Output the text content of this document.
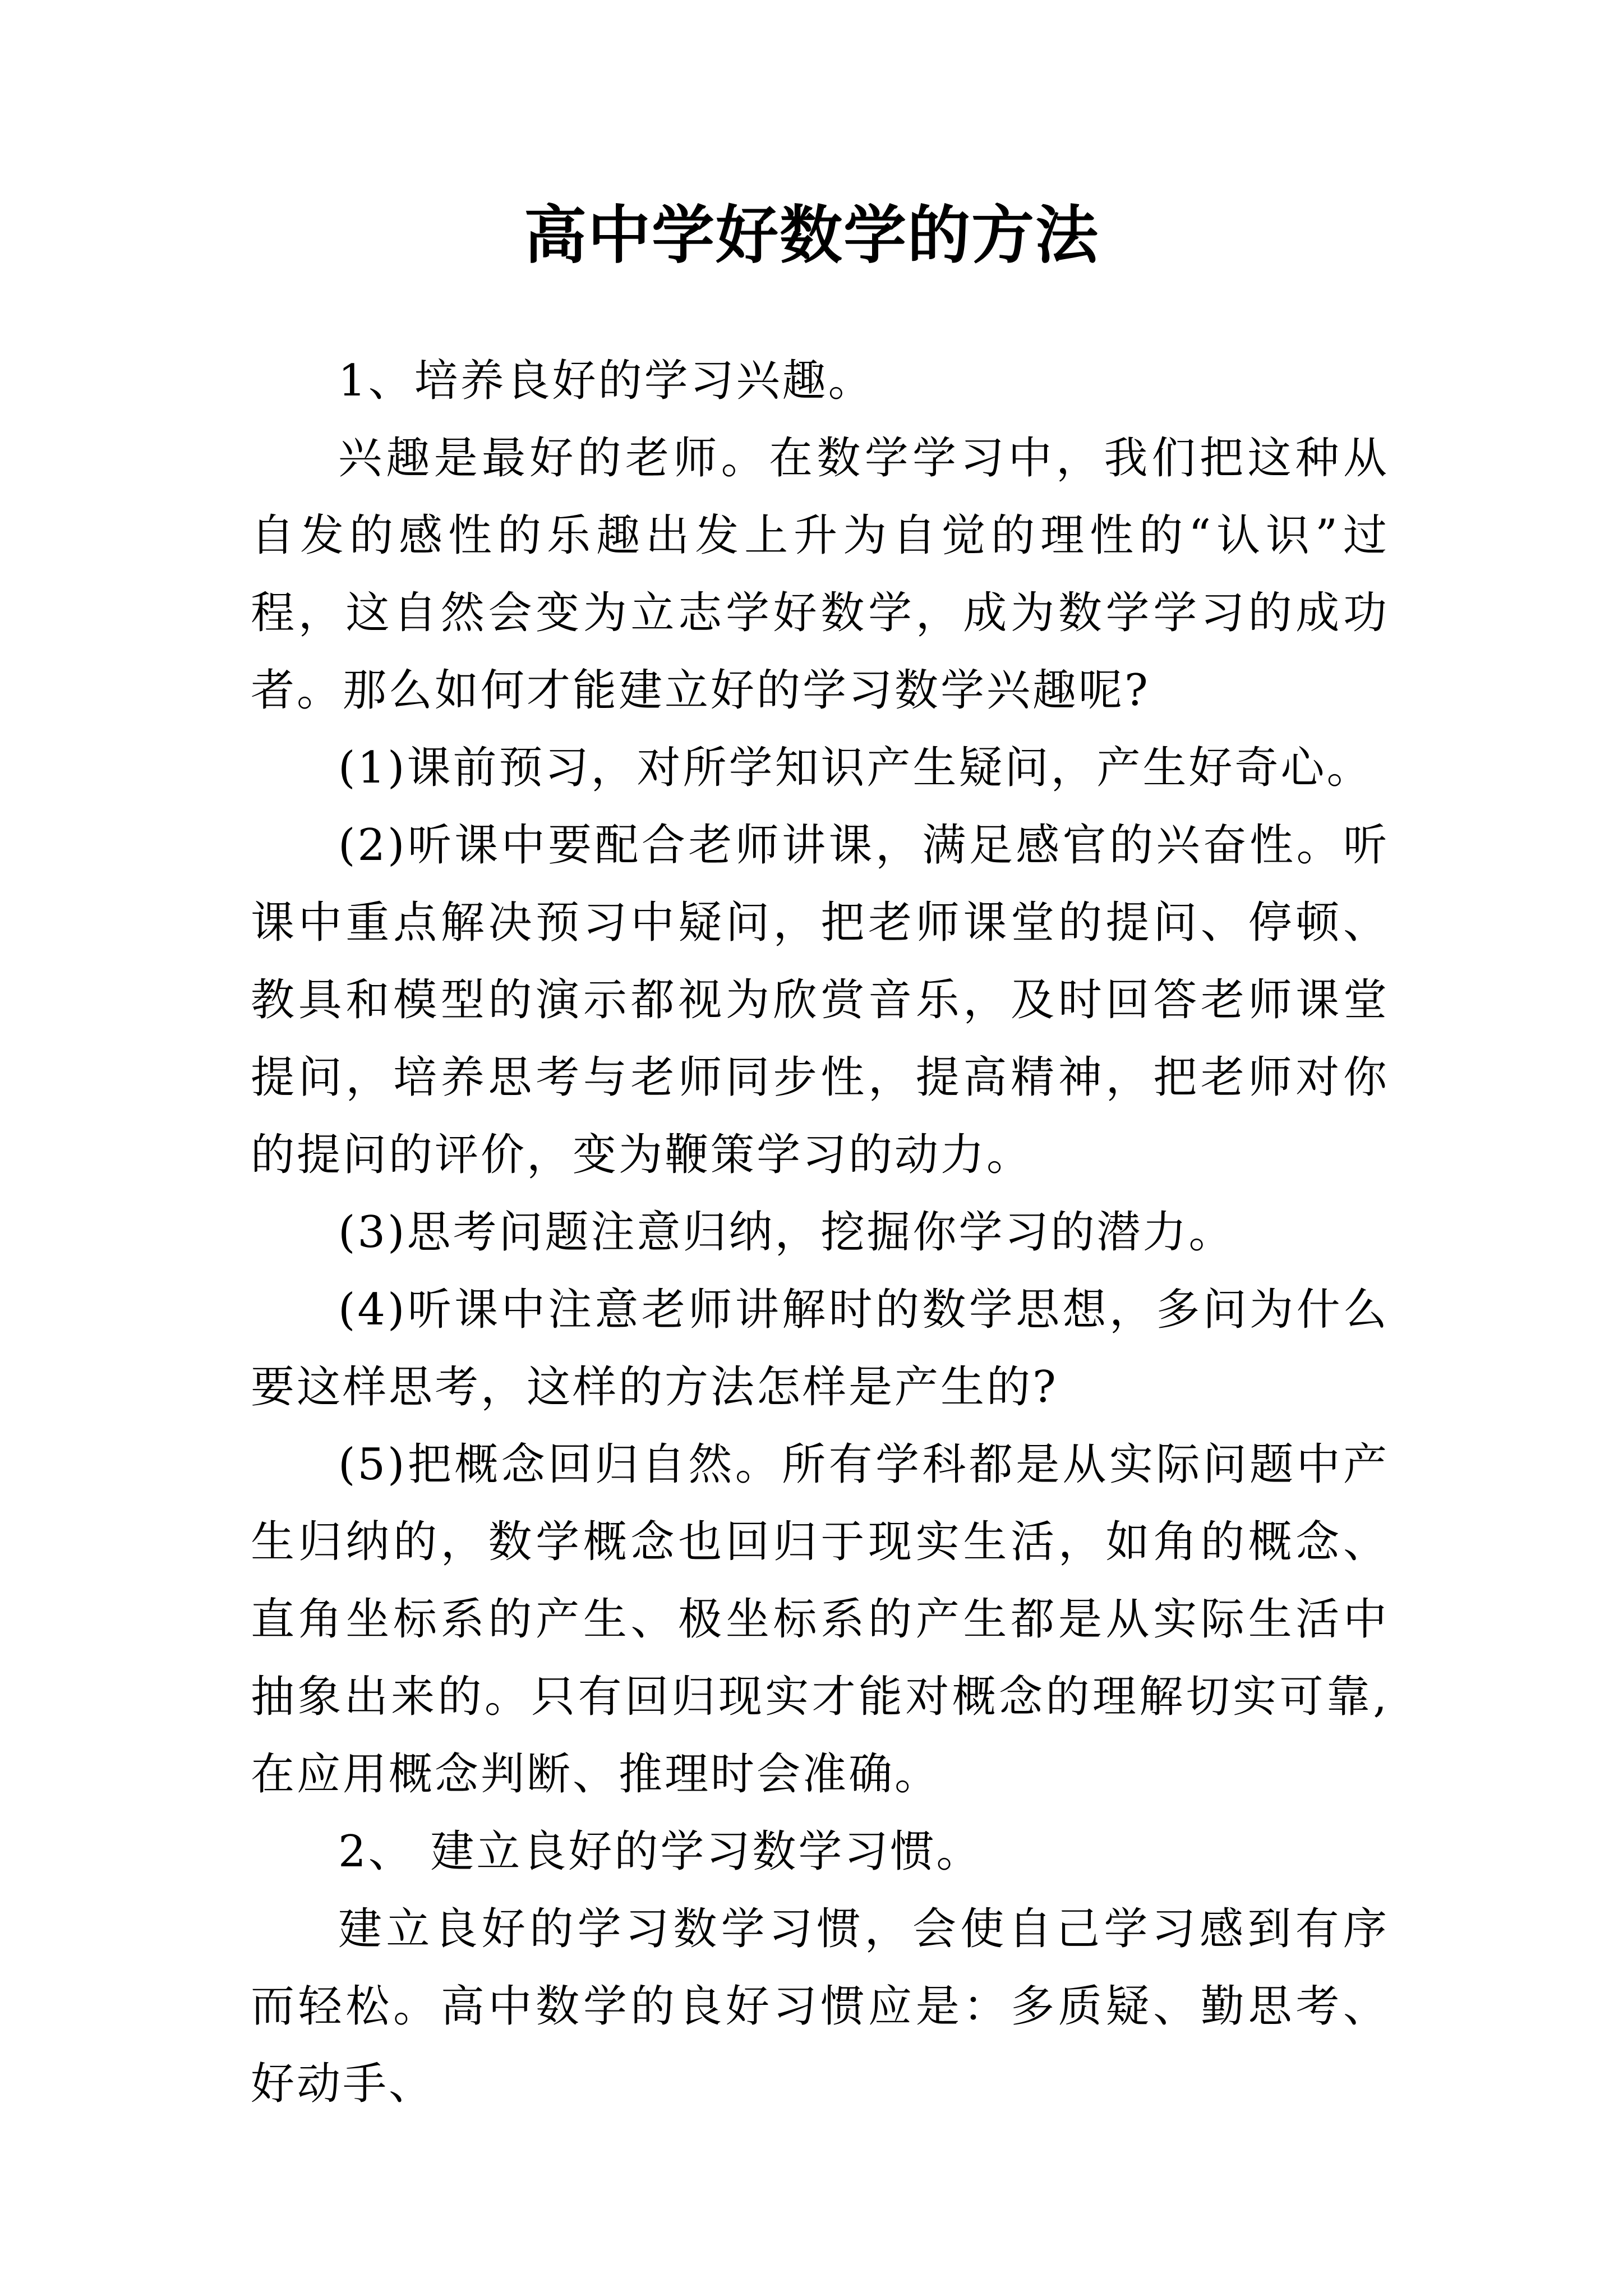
高中学好数学的方法

1、培养良好的学习兴趣。

兴趣是最好的老师。在数学学习中，我们把这种从自发的感性的乐趣出发上升为自觉的理性的“认识”过程，这自然会变为立志学好数学，成为数学学习的成功者。那么如何才能建立好的学习数学兴趣呢?

(1)课前预习，对所学知识产生疑问，产生好奇心。

(2)听课中要配合老师讲课，满足感官的兴奋性。听课中重点解决预习中疑问，把老师课堂的提问、停顿、教具和模型的演示都视为欣赏音乐，及时回答老师课堂提问，培养思考与老师同步性，提高精神，把老师对你的提问的评价，变为鞭策学习的动力。

(3)思考问题注意归纳，挖掘你学习的潜力。

(4)听课中注意老师讲解时的数学思想，多问为什么要这样思考，这样的方法怎样是产生的?

(5)把概念回归自然。所有学科都是从实际问题中产生归纳的，数学概念也回归于现实生活，如角的概念、直角坐标系的产生、极坐标系的产生都是从实际生活中抽象出来的。只有回归现实才能对概念的理解切实可靠,在应用概念判断、推理时会准确。

2、 建立良好的学习数学习惯。

建立良好的学习数学习惯，会使自己学习感到有序而轻松。高中数学的良好习惯应是：多质疑、勤思考、好动手、
